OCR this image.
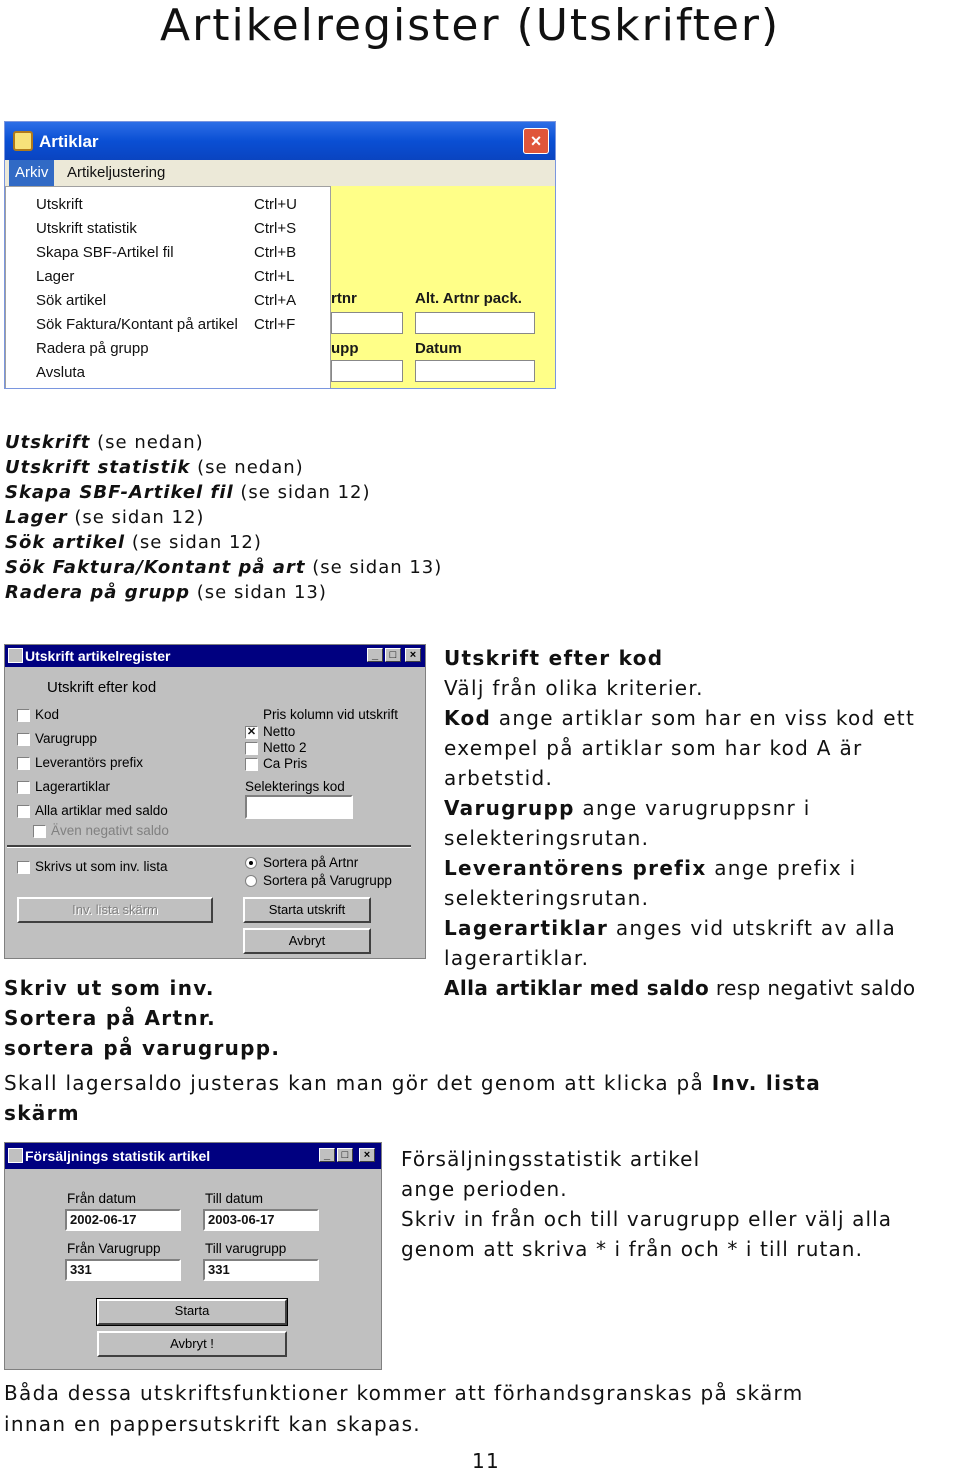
Artikelregister (Utskrifter)
Artiklar	×
Arkiv	Artikeljustering
rtnr	Alt. Artnr pack.
upp	Datum
Utskrift	Ctrl+U
Utskrift statistik	Ctrl+S
Skapa SBF-Artikel fil	Ctrl+B
Lager	Ctrl+L
Sök artikel	Ctrl+A
Sök Faktura/Kontant på artikel Ctrl+F
Radera på grupp
Avsluta
Utskrift (se nedan)
Utskrift statistik (se nedan)
Skapa SBF-Artikel fil (se sidan 12)
Lager (se sidan 12)
Sök artikel (se sidan 12)
Sök Faktura/Kontant på art (se sidan 13)
Radera på grupp (se sidan 13)
Utskrift artikelregister	_	□	×
Utskrift efter kod
Kod
Varugrupp
Leverantörs prefix
Lagerartiklar
Alla artiklar med saldo
Även negativt saldo
Pris kolumn vid utskrift
✕ Netto
Netto 2
Ca Pris
Selekterings kod
Skrivs ut som inv. lista	Sortera på Artnr
Sortera på Varugrupp
Inv. lista skärm	Starta utskrift
Avbryt
Utskrift efter kod
Välj från olika kriterier.
Kod ange artiklar som har en viss kod ett
exempel på artiklar som har kod A är
arbetstid.
Varugrupp ange varugruppsnr i
selekteringsrutan.
Leverantörens prefix ange prefix i
selekteringsrutan.
Lagerartiklar anges vid utskrift av alla
lagerartiklar.
Alla artiklar med saldo resp negativt saldo
Skriv ut som inv.
Sortera på Artnr.
sortera på varugrupp.
Skall lagersaldo justeras kan man gör det genom att klicka på Inv. lista
skärm
Försäljnings statistik artikel	_	□	×
Från datum	Till datum
2002-06-17	2003-06-17
Från Varugrupp	Till varugrupp
331	331
Starta
Avbryt !
Försäljningsstatistik artikel
ange perioden.
Skriv in från och till varugrupp eller välj alla
genom att skriva * i från och * i till rutan.
Båda dessa utskriftsfunktioner kommer att förhandsgranskas på skärm
innan en pappersutskrift kan skapas.
11
